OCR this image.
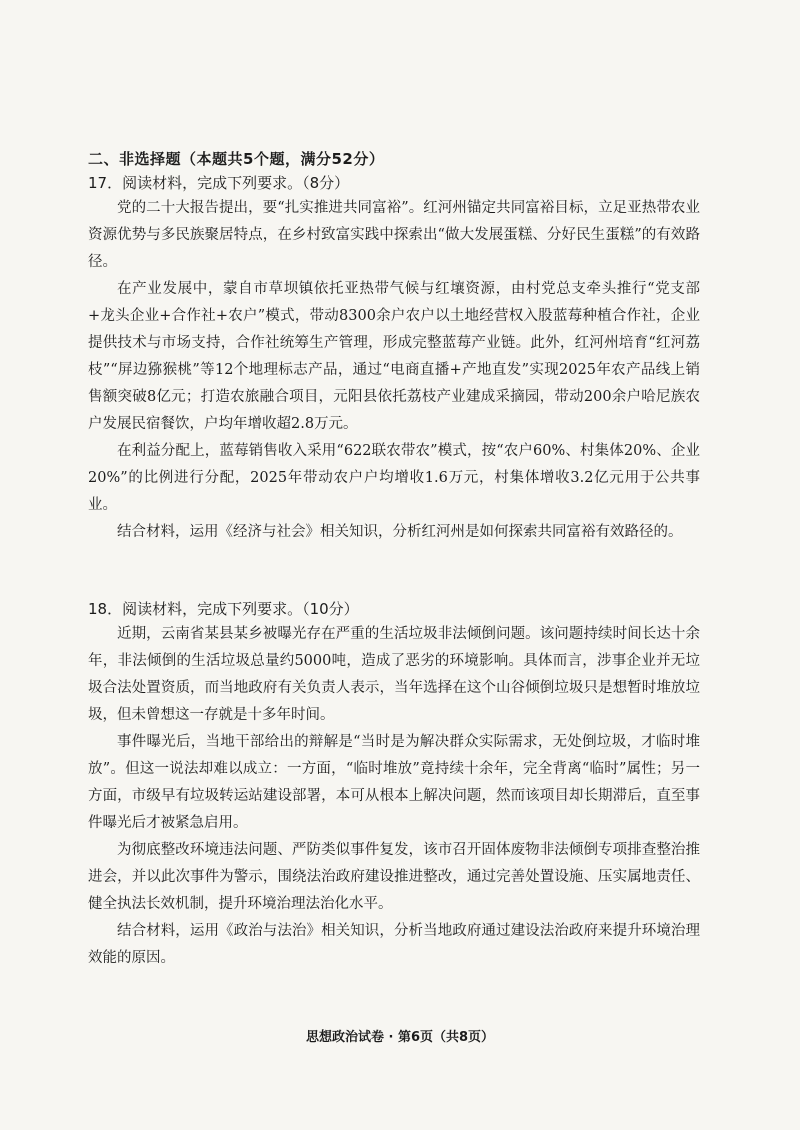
二、非选择题（本题共5个题，满分52分）
17．阅读材料，完成下列要求。（8分）

党的二十大报告提出，要“扎实推进共同富裕”。红河州锚定共同富裕目标，立足亚热带农业资源优势与多民族聚居特点，在乡村致富实践中探索出“做大发展蛋糕、分好民生蛋糕”的有效路径。

在产业发展中，蒙自市草坝镇依托亚热带气候与红壤资源，由村党总支牵头推行“党支部+龙头企业+合作社+农户”模式，带动8300余户农户以土地经营权入股蓝莓种植合作社，企业提供技术与市场支持，合作社统筹生产管理，形成完整蓝莓产业链。此外，红河州培育“红河荔枝”“屏边猕猴桃”等12个地理标志产品，通过“电商直播+产地直发”实现2025年农产品线上销售额突破8亿元；打造农旅融合项目，元阳县依托荔枝产业建成采摘园，带动200余户哈尼族农户发展民宿餐饮，户均年增收超2.8万元。

在利益分配上，蓝莓销售收入采用“622联农带农”模式，按“农户60%、村集体20%、企业20%”的比例进行分配，2025年带动农户户均增收1.6万元，村集体增收3.2亿元用于公共事业。

结合材料，运用《经济与社会》相关知识，分析红河州是如何探索共同富裕有效路径的。

18．阅读材料，完成下列要求。（10分）

近期，云南省某县某乡被曝光存在严重的生活垃圾非法倾倒问题。该问题持续时间长达十余年，非法倾倒的生活垃圾总量约5000吨，造成了恶劣的环境影响。具体而言，涉事企业并无垃圾合法处置资质，而当地政府有关负责人表示，当年选择在这个山谷倾倒垃圾只是想暂时堆放垃圾，但未曾想这一存就是十多年时间。

事件曝光后，当地干部给出的辩解是“当时是为解决群众实际需求，无处倒垃圾，才临时堆放”。但这一说法却难以成立：一方面，“临时堆放”竟持续十余年，完全背离“临时”属性；另一方面，市级早有垃圾转运站建设部署，本可从根本上解决问题，然而该项目却长期滞后，直至事件曝光后才被紧急启用。

为彻底整改环境违法问题、严防类似事件复发，该市召开固体废物非法倾倒专项排查整治推进会，并以此次事件为警示，围绕法治政府建设推进整改，通过完善处置设施、压实属地责任、健全执法长效机制，提升环境治理法治化水平。

结合材料，运用《政治与法治》相关知识，分析当地政府通过建设法治政府来提升环境治理效能的原因。

思想政治试卷 · 第6页（共8页）
